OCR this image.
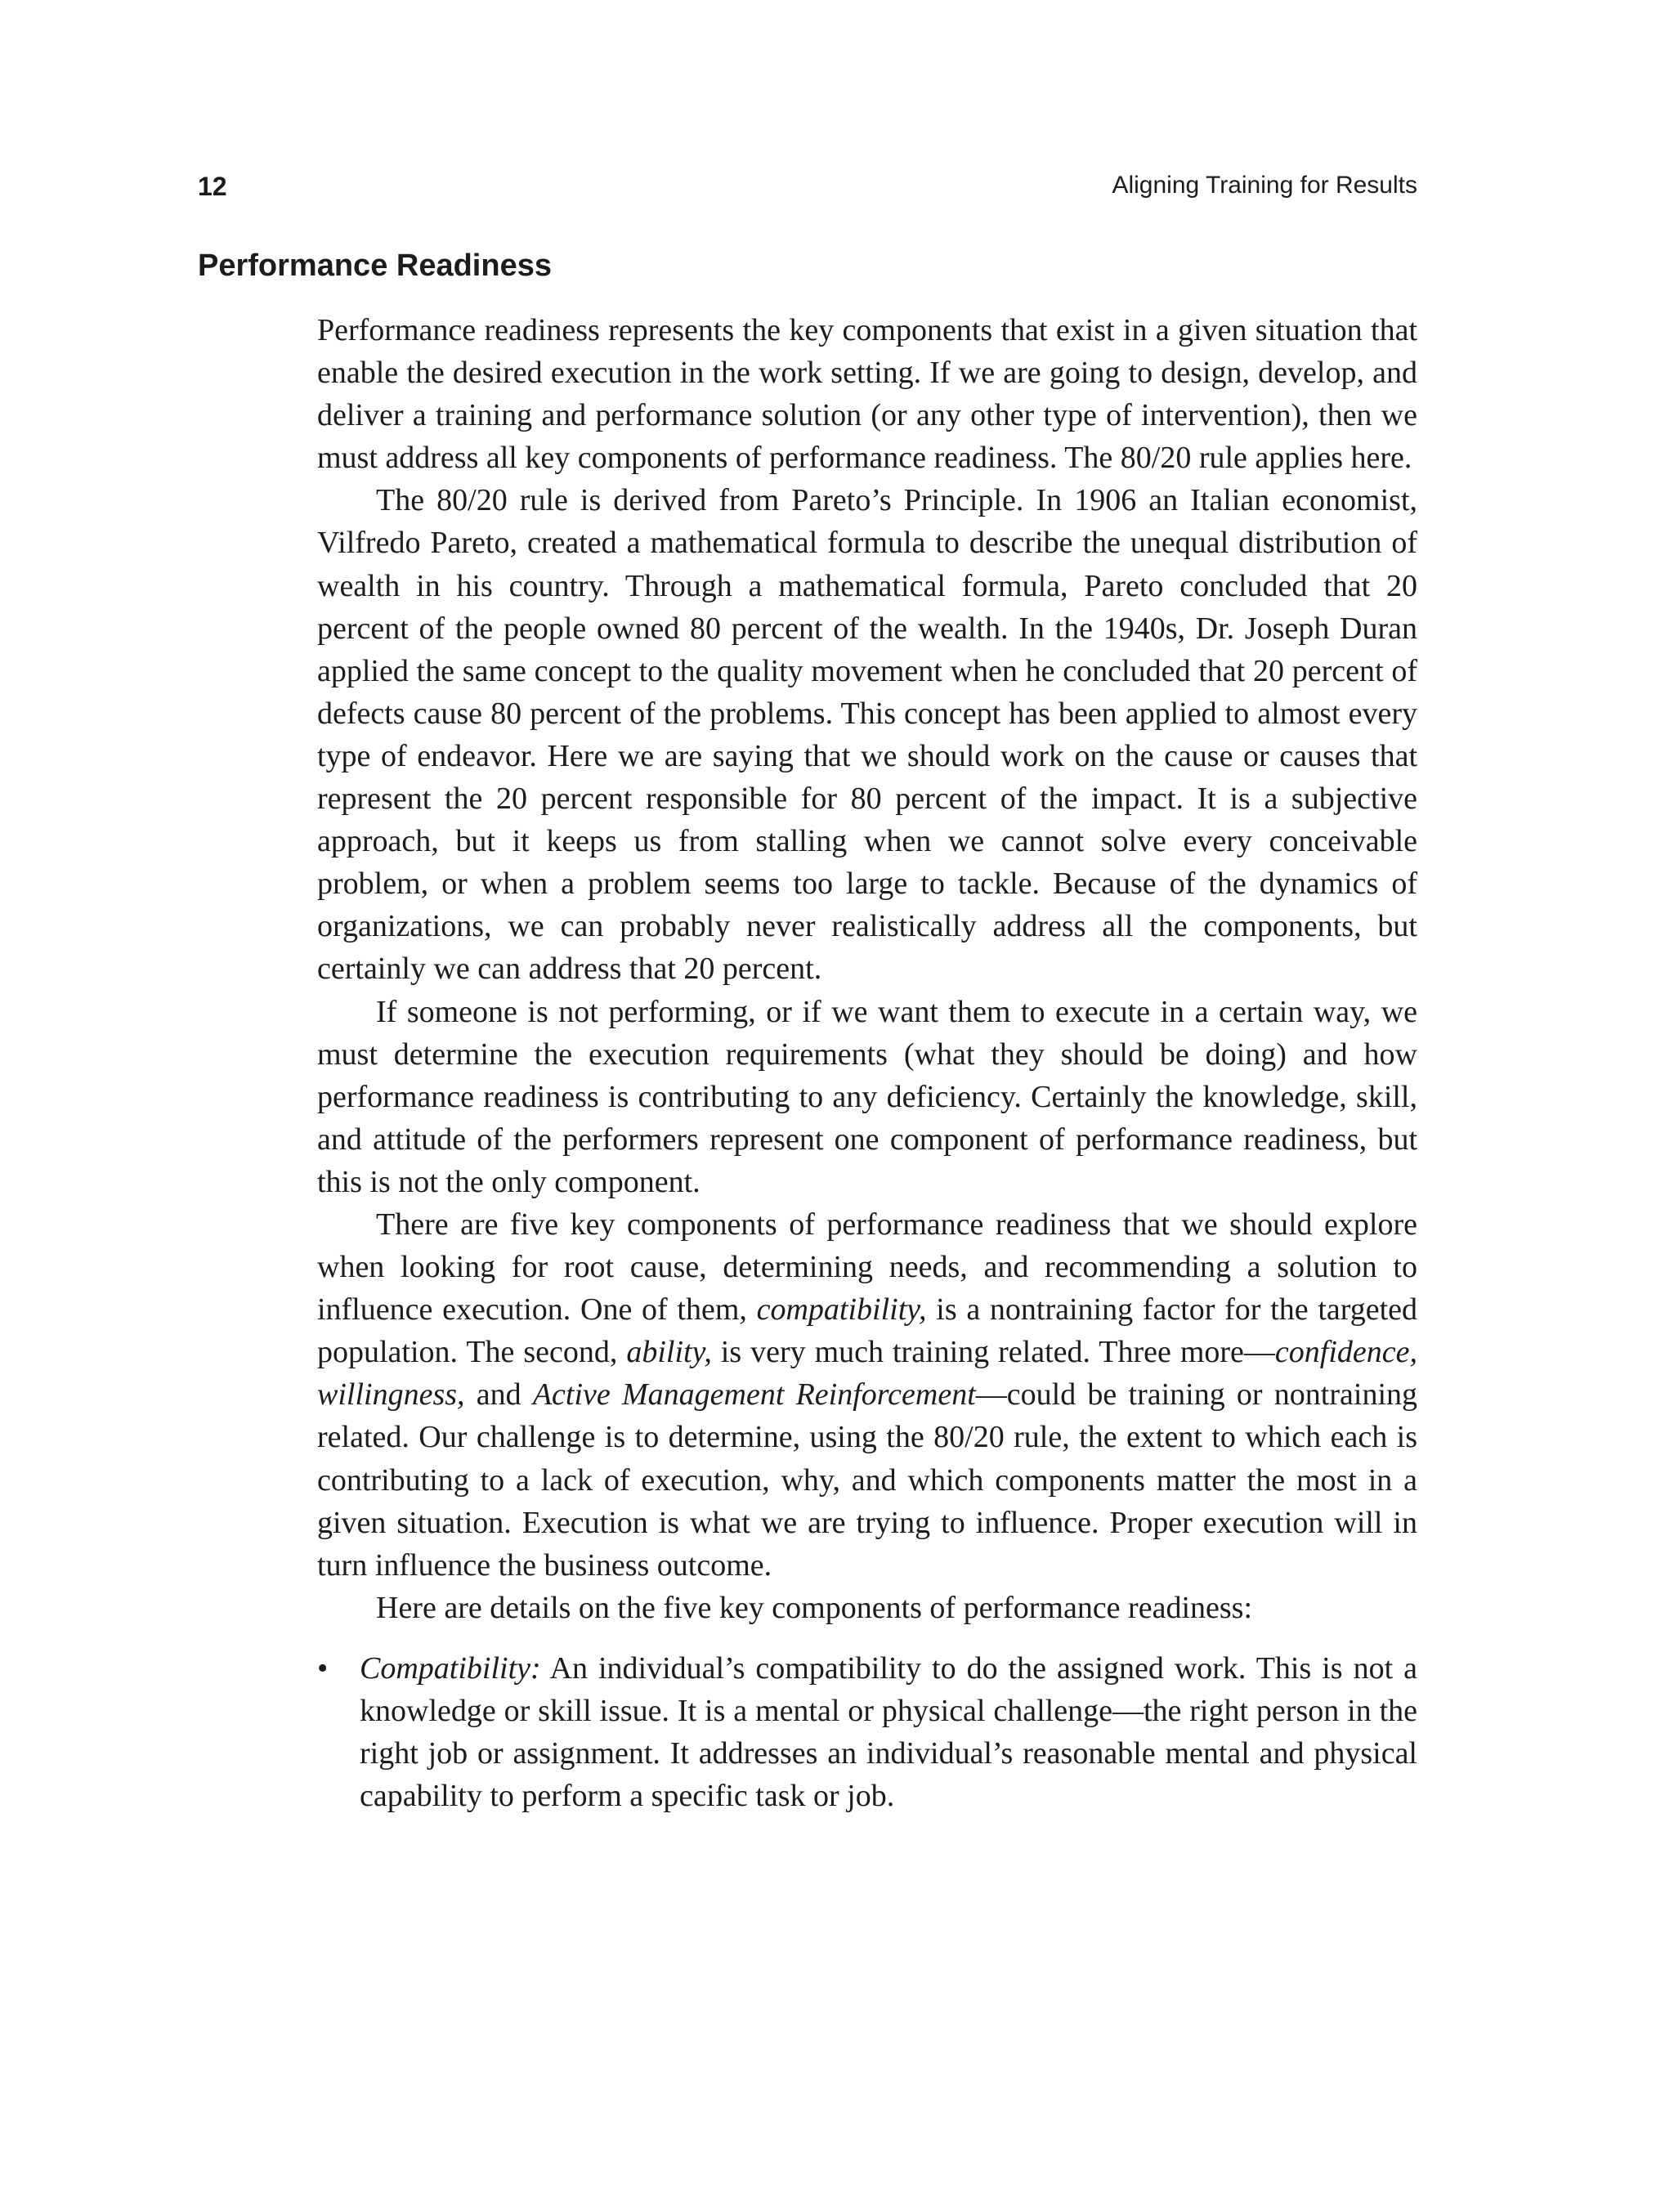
12	Aligning Training for Results
Performance Readiness

Performance readiness represents the key components that exist in a given situation that enable the desired execution in the work setting. If we are going to design, develop, and deliver a training and performance solution (or any other type of intervention), then we must address all key components of performance readiness. The 80/20 rule applies here.

The 80/20 rule is derived from Pareto’s Principle. In 1906 an Italian economist, Vilfredo Pareto, created a mathematical formula to describe the unequal distribution of wealth in his country. Through a mathematical formula, Pareto concluded that 20 percent of the people owned 80 percent of the wealth. In the 1940s, Dr. Joseph Duran applied the same concept to the quality movement when he concluded that 20 percent of defects cause 80 percent of the problems. This concept has been applied to almost every type of endeavor. Here we are saying that we should work on the cause or causes that represent the 20 percent responsible for 80 percent of the impact. It is a subjective approach, but it keeps us from stalling when we cannot solve every conceivable problem, or when a problem seems too large to tackle. Because of the dynamics of organizations, we can probably never realistically address all the components, but certainly we can address that 20 percent.

If someone is not performing, or if we want them to execute in a certain way, we must determine the execution requirements (what they should be doing) and how performance readiness is contributing to any deficiency. Certainly the knowledge, skill, and attitude of the performers represent one component of performance readiness, but this is not the only component.

There are five key components of performance readiness that we should explore when looking for root cause, determining needs, and recommending a solution to influence execution. One of them, compatibility, is a nontraining factor for the targeted population. The second, ability, is very much training related. Three more—confidence, willingness, and Active Management Reinforcement—could be training or nontraining related. Our challenge is to determine, using the 80/20 rule, the extent to which each is contributing to a lack of execution, why, and which components matter the most in a given situation. Execution is what we are trying to influence. Proper execution will in turn influence the business outcome.

Here are details on the five key components of performance readiness:

• Compatibility: An individual’s compatibility to do the assigned work. This is not a knowledge or skill issue. It is a mental or physical challenge—the right person in the right job or assignment. It addresses an individual’s reasonable mental and physical capability to perform a specific task or job.
